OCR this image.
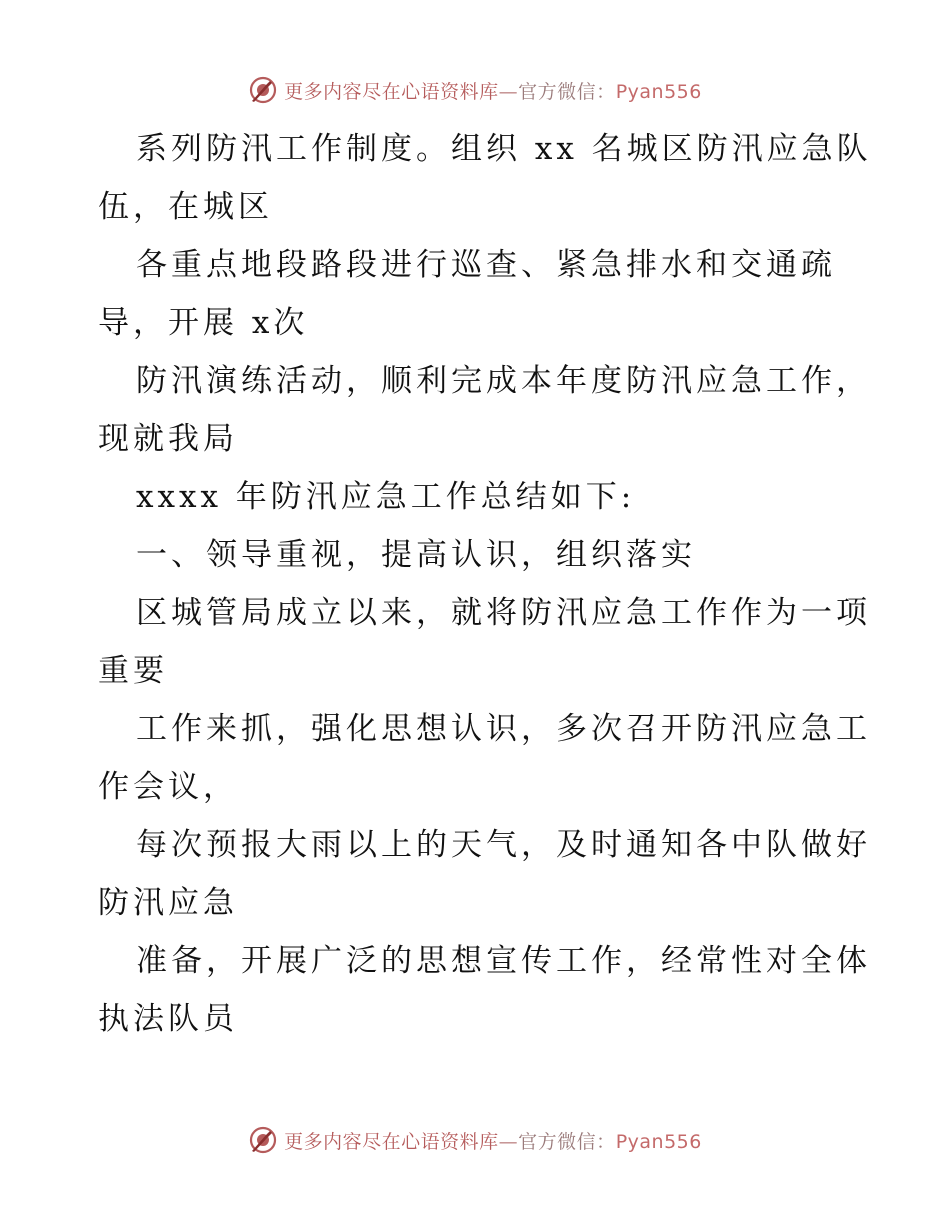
更多内容尽在心语资料库—官方微信：Pyan556
系列防汛工作制度。组织 xx 名城区防汛应急队
伍，在城区
各重点地段路段进行巡查、紧急排水和交通疏
导，开展 x次
防汛演练活动，顺利完成本年度防汛应急工作，
现就我局
xxxx 年防汛应急工作总结如下:
一、领导重视，提高认识，组织落实
区城管局成立以来，就将防汛应急工作作为一项
重要
工作来抓，强化思想认识，多次召开防汛应急工
作会议，
每次预报大雨以上的天气，及时通知各中队做好
防汛应急
准备，开展广泛的思想宣传工作，经常性对全体
执法队员
更多内容尽在心语资料库—官方微信：Pyan556
